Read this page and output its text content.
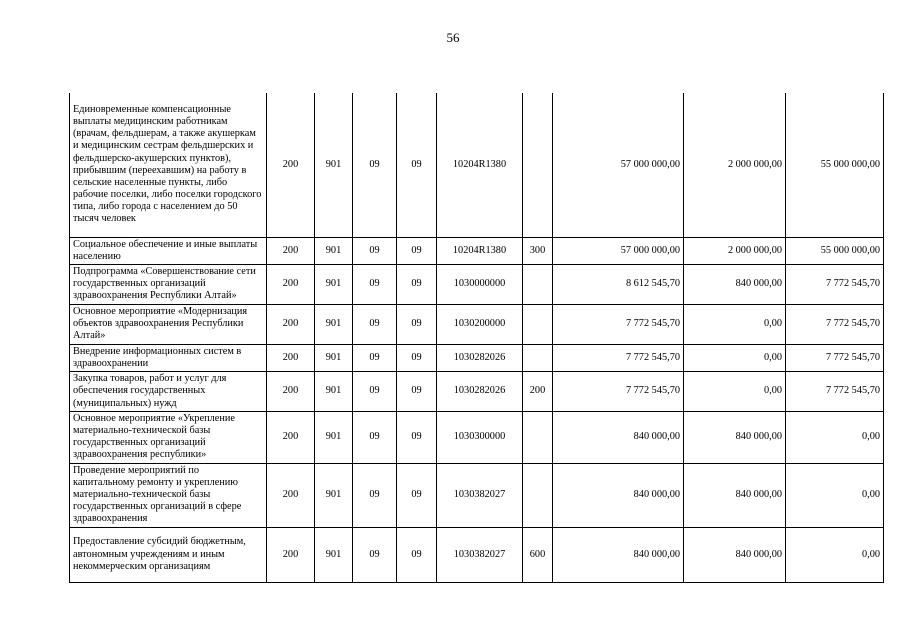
56
Единовременные компенсационные выплаты медицинским работникам (врачам, фельдшерам, а также акушеркам и медицинским сестрам фельдшерских и фельдшерско-акушерских пунктов), прибывшим (переехавшим) на работу в сельские населенные пункты, либо рабочие поселки, либо поселки городского типа, либо города с населением до 50 тысяч человек	200	901	09	09	10204R1380		57 000 000,00	2 000 000,00	55 000 000,00
Социальное обеспечение и иные выплаты населению	200	901	09	09	10204R1380	300	57 000 000,00	2 000 000,00	55 000 000,00
Подпрограмма «Совершенствование сети государственных организаций здравоохранения Республики Алтай»	200	901	09	09	1030000000		8 612 545,70	840 000,00	7 772 545,70
Основное мероприятие «Модернизация объектов здравоохранения Республики Алтай»	200	901	09	09	1030200000		7 772 545,70	0,00	7 772 545,70
Внедрение информационных систем в здравоохранении	200	901	09	09	1030282026		7 772 545,70	0,00	7 772 545,70
Закупка товаров, работ и услуг для обеспечения государственных (муниципальных) нужд	200	901	09	09	1030282026	200	7 772 545,70	0,00	7 772 545,70
Основное мероприятие «Укрепление материально-технической базы государственных организаций здравоохранения республики»	200	901	09	09	1030300000		840 000,00	840 000,00	0,00
Проведение мероприятий по капитальному ремонту и укреплению материально-технической базы государственных организаций в сфере здравоохранения	200	901	09	09	1030382027		840 000,00	840 000,00	0,00
Предоставление субсидий бюджетным, автономным учреждениям и иным некоммерческим организациям	200	901	09	09	1030382027	600	840 000,00	840 000,00	0,00
